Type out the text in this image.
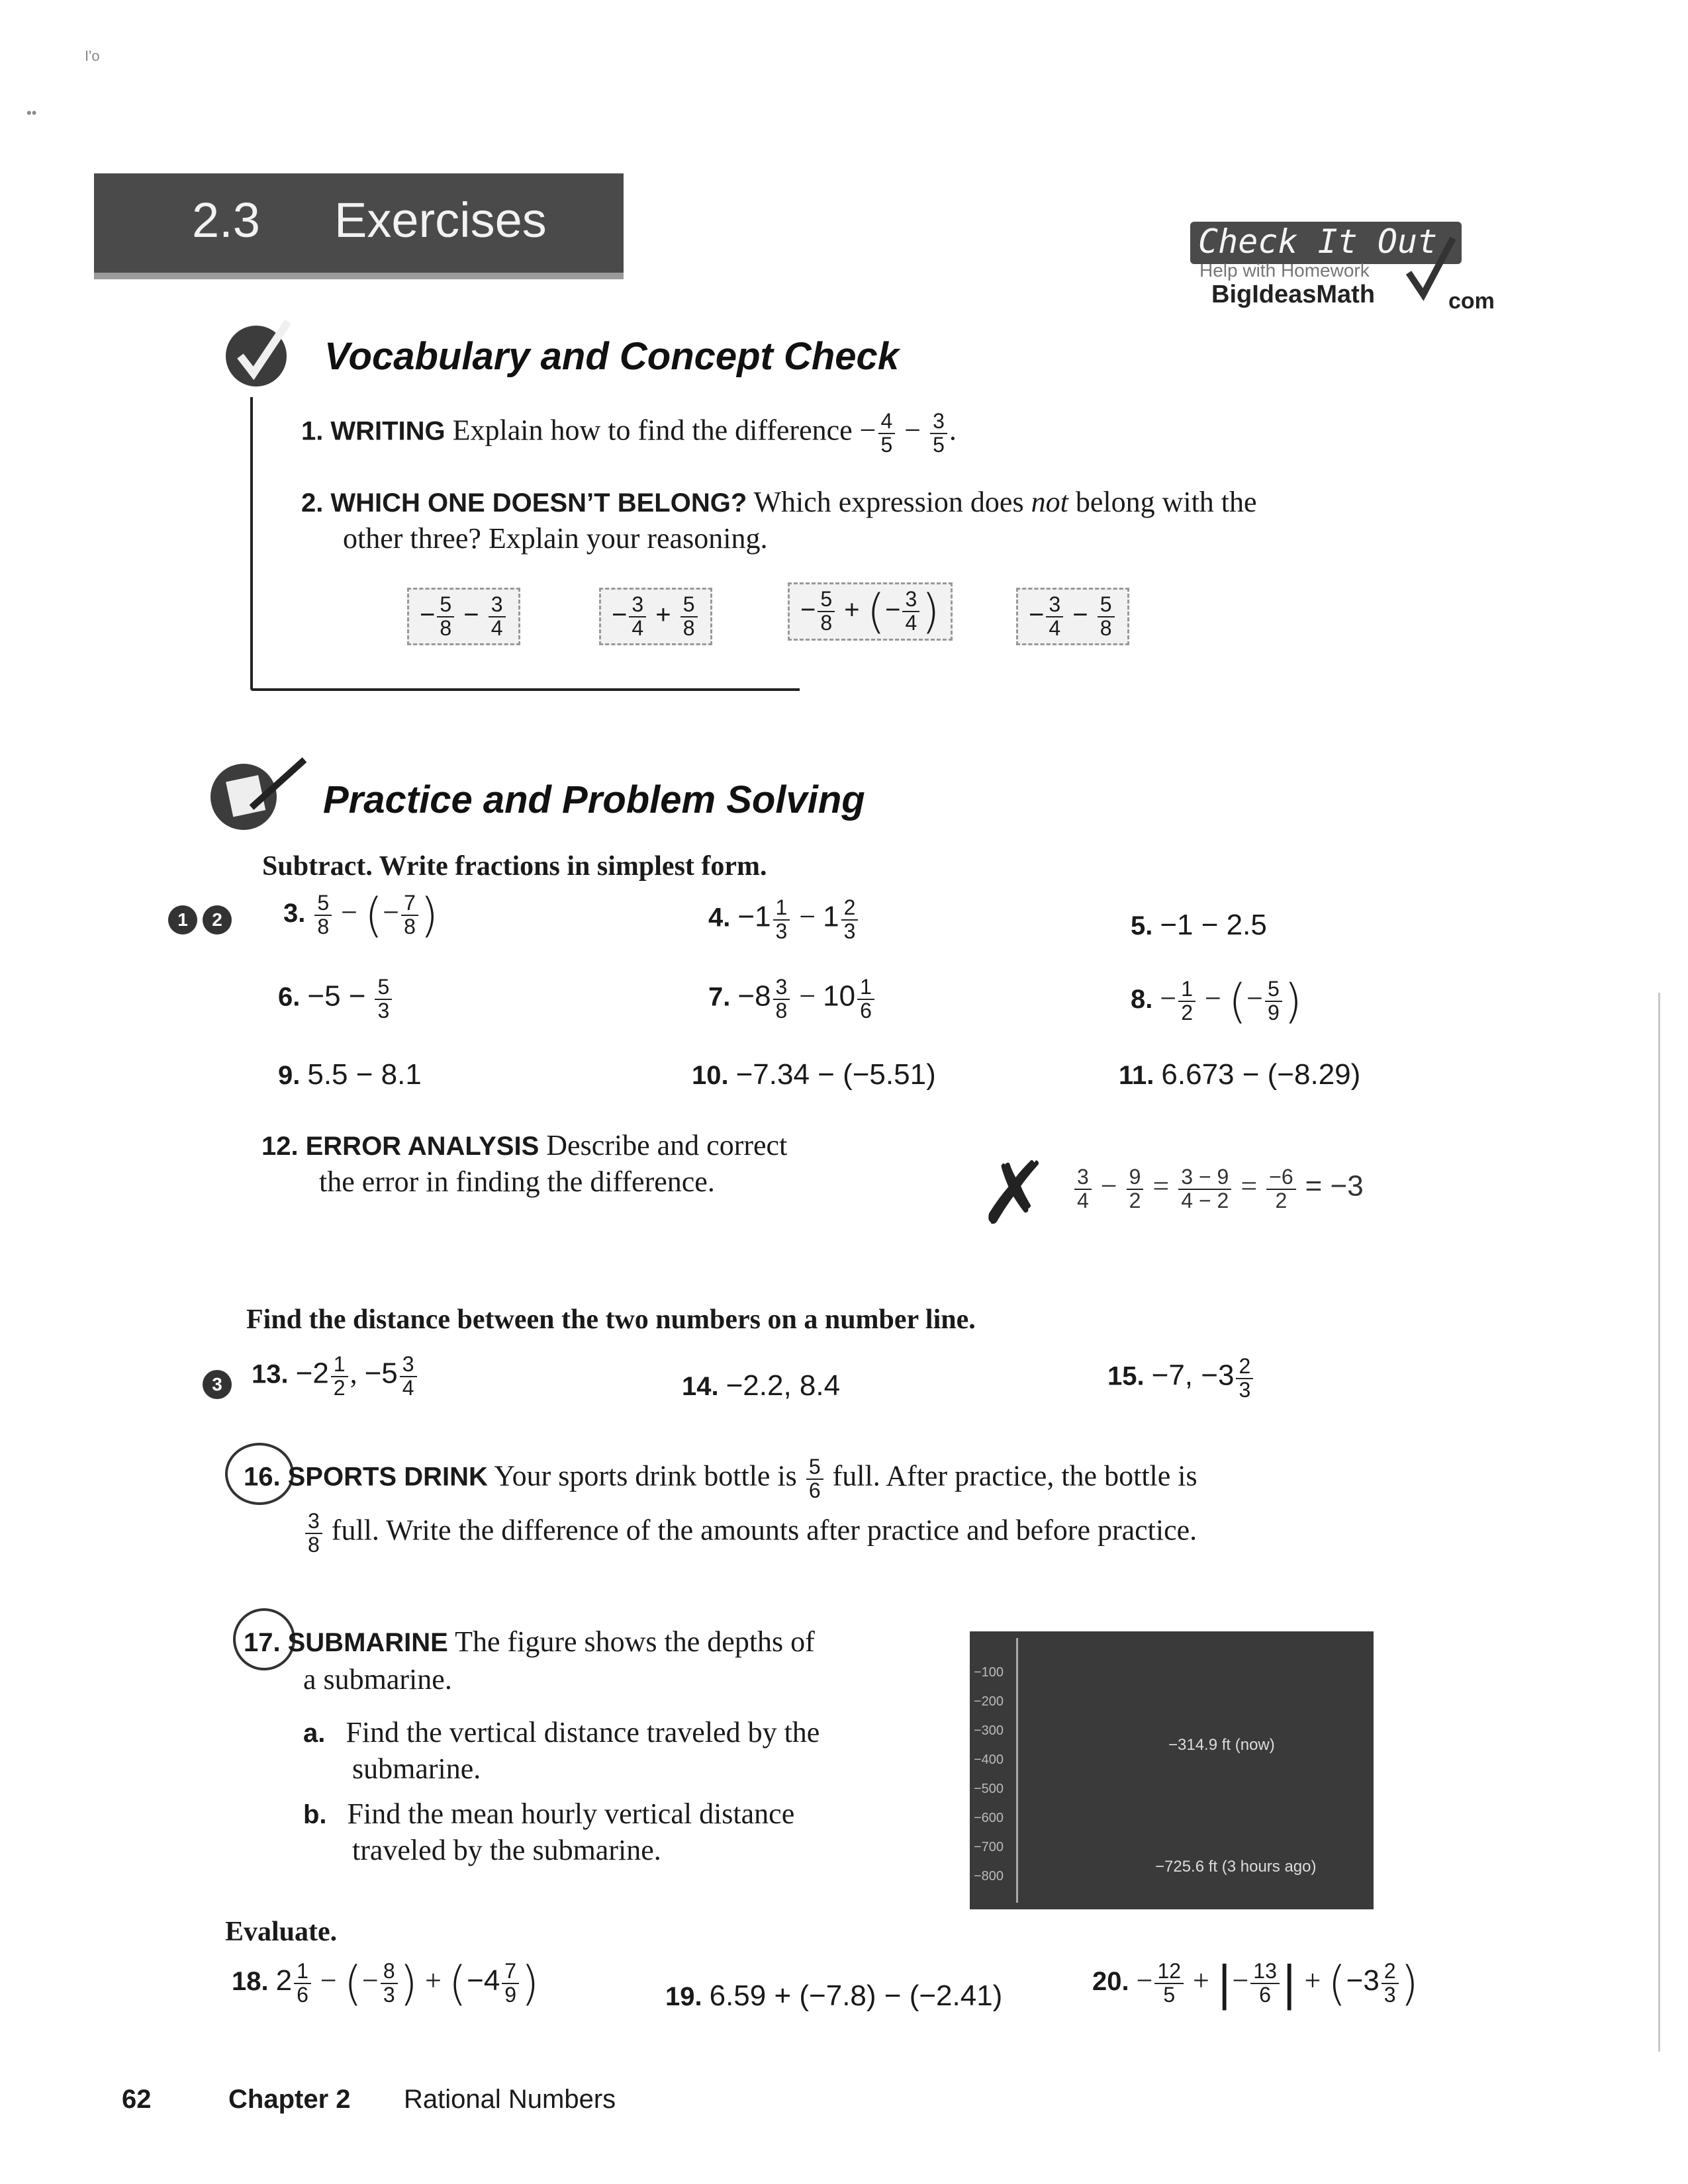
I'o
••
2.3 Exercises	Check It Out
Help with Homework
BigIdeasMath	com
Vocabulary and Concept Check
1. WRITING Explain how to find the difference − $\frac{4}{5} - \frac{3}{5}$ .
2. WHICH ONE DOESN’T BELONG? Which expression does not belong with the
other three? Explain your reasoning.
− $\frac{5}{8} - \frac{3}{4}$	− $\frac{3}{4} + \frac{5}{8}$	− $\frac{5}{8}$ + (− $\frac{3}{4}$ )	− $\frac{3}{4} - \frac{5}{8}$
Practice and Problem Solving
Subtract. Write fractions in simplest form.
1	2	3. $\frac{5}{8}$ − (− $\frac{7}{8}$ )	4. $-1 \frac{1}{3} - 1 \frac{2}{3}$	5. −1 − 2.5
6. $-5 - \frac{5}{3}$	7. $-8 \frac{3}{8} - 10 \frac{1}{6}$	8. − $\frac{1}{2}$ − (− $\frac{5}{9}$ )
9. 5.5 − 8.1	10. −7.34 − (−5.51)	11. 6.673 − (−8.29)
12. ERROR ANALYSIS Describe and correct
the error in finding the difference.	✗ $\frac{3}{4} - \frac{9}{2} = \frac{3 - 9}{4 - 2} = \frac{-6}{2} = -3$
Find the distance between the two numbers on a number line.
3	13. $-2 \frac{1}{2}$ , $-5 \frac{3}{4}$	14. −2.2, 8.4	15. −7, $-3 \frac{2}{3}$
16. SPORTS DRINK Your sports drink bottle is $\frac{5}{6}$ full. After practice, the bottle is
$\frac{3}{8}$ full. Write the difference of the amounts after practice and before practice.
17. SUBMARINE The figure shows the depths of
a submarine.
a. Find the vertical distance traveled by the
submarine.
b. Find the mean hourly vertical distance
traveled by the submarine.
−100
−200
−300
−400
−500
−600
−700
−800
−314.9 ft (now)
−725.6 ft (3 hours ago)
Evaluate.
18. $2 \frac{1}{6}$ − (− $\frac{8}{3}$ ) + ($-4 \frac{7}{9}$ )	19. 6.59 + (−7.8) − (−2.41)	20. − $\frac{12}{5}$ + |− $\frac{13}{6}$ | + ($-3 \frac{2}{3}$ )
62	Chapter 2 Rational Numbers
